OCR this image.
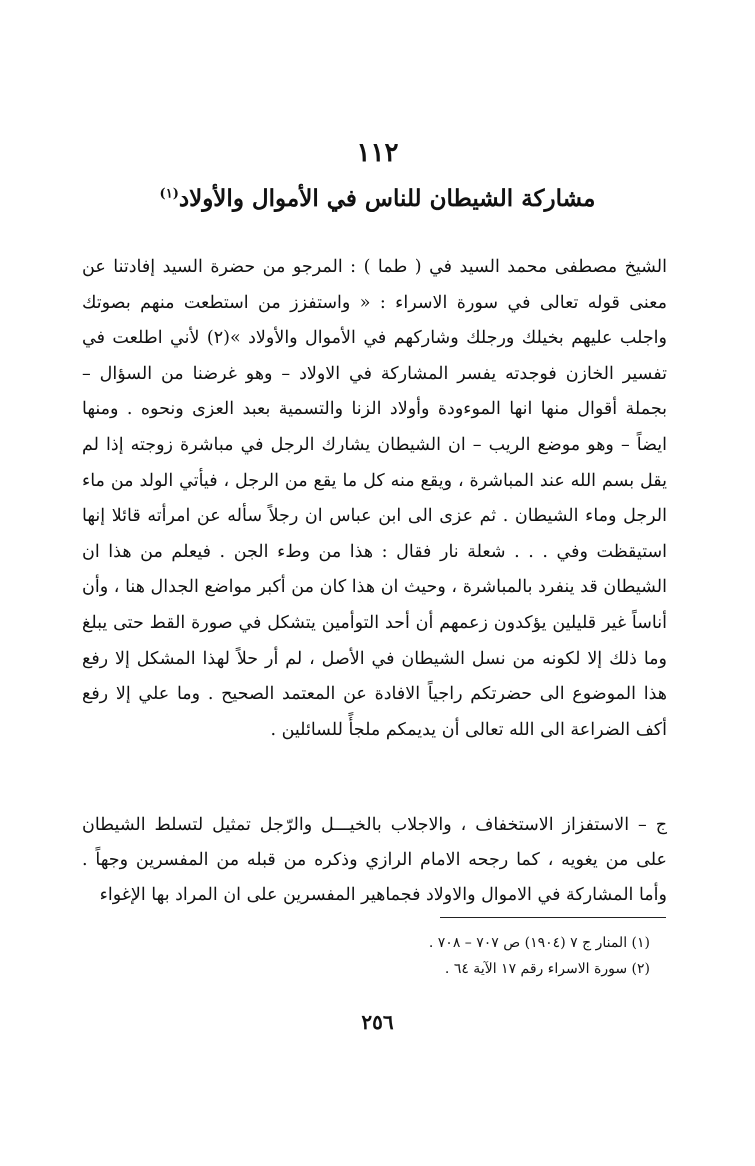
١١٢
مشاركة الشيطان للناس في الأموال والأولاد$^{(١)}$

الشيخ مصطفى محمد السيد في ( طما ) : المرجو من حضرة السيد إفادتنا عن معنى قوله تعالى في سورة الاسراء : « واستفزز من استطعت منهم بصوتك واجلب عليهم بخيلك ورجلك وشاركهم في الأموال والأولاد »(٢) لأني اطلعت في تفسير الخازن فوجدته يفسر المشاركة في الاولاد – وهو غرضنا من السؤال – بجملة أقوال منها انها الموءودة وأولاد الزنا والتسمية بعبد العزى ونحوه . ومنها ايضاً – وهو موضع الريب – ان الشيطان يشارك الرجل في مباشرة زوجته إذا لم يقل بسم الله عند المباشرة ، ويقع منه كل ما يقع من الرجل ، فيأتي الولد من ماء الرجل وماء الشيطان . ثم عزى الى ابن عباس ان رجلاً سأله عن امرأته قائلا إنها استيقظت وفي . . . شعلة نار فقال : هذا من وطء الجن . فيعلم من هذا ان الشيطان قد ينفرد بالمباشرة ، وحيث ان هذا كان من أكبر مواضع الجدال هنا ، وأن أناساً غير قليلين يؤكدون زعمهم أن أحد التوأمين يتشكل في صورة القط حتى يبلغ وما ذلك إلا لكونه من نسل الشيطان في الأصل ، لم أر حلاً لهذا المشكل إلا رفع هذا الموضوع الى حضرتكم راجياً الافادة عن المعتمد الصحيح . وما علي إلا رفع أكف الضراعة الى الله تعالى أن يديمكم ملجأً للسائلين .

ج – الاستفزاز الاستخفاف ، والاجلاب بالخيـــل والرّجل تمثيل لتسلط الشيطان على من يغويه ، كما رجحه الامام الرازي وذكره من قبله من المفسرين وجهاً . وأما المشاركة في الاموال والاولاد فجماهير المفسرين على ان المراد بها الإغواء

(١) المنار ج ٧ (١٩٠٤) ص ٧٠٧ – ٧٠٨ .
(٢) سورة الاسراء رقم ١٧ الآية ٦٤ .
٢٥٦
